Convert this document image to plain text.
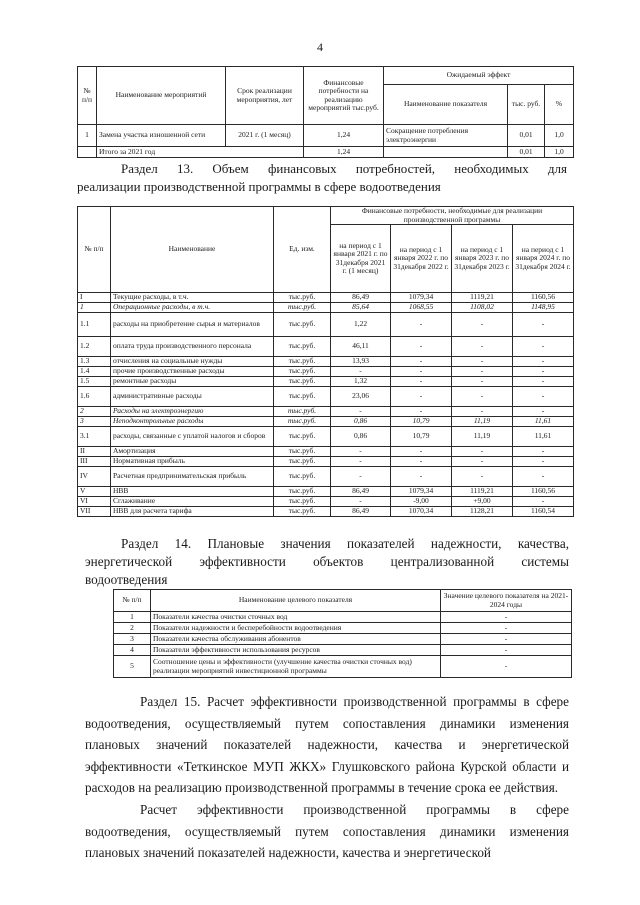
4
№ п/п	Наименование мероприятий	Срок реализации мероприятия, лет	Финансовые потребности на реализацию мероприятий тыс.руб.	Ожидаемый эффект		
				Наименование показателя	тыс. руб.	%
1	Замена участка изношенной сети	2021 г. (1 месяц)	1,24	Сокращение потребления электроэнергии	0,01	1,0
	Итого за 2021 год		1,24		0,01	1,0
Раздел 13. Объем финансовых потребностей, необходимых для
реализации производственной программы в сфере водоотведения
№ п/п	Наименование	Ед. изм.	Финансовые потребности, необходимые для реализации производственной программы			
			на период с 1 января 2021 г. по 31декабря 2021 г. (1 месяц)	на период с 1 января 2022 г. по 31декабря 2022 г.	на период с 1 января 2023 г. по 31декабря 2023 г.	на период с 1 января 2024 г. по 31декабря 2024 г.
I	Текущие расходы, в т.ч.	тыс.руб.	86,49	1079,34	1119,21	1160,56
1	Операционные расходы, в т.ч.	тыс.руб.	85,64	1068,55	1108,02	1148,95
1.1	расходы на приобретение сырья и материалов	тыс.руб.	1,22	-	-	-
1.2	оплата труда производственного персонала	тыс.руб.	46,11	-	-	-
1.3	отчисления на социальные нужды	тыс.руб.	13,93	-	-	-
1.4	прочие производственные расходы	тыс.руб.	-	-	-	-
1.5	ремонтные расходы	тыс.руб.	1,32	-	-	-
1.6	административные расходы	тыс.руб.	23,06	-	-	-
2	Расходы на электроэнергию	тыс.руб.	-	-	-	-
3	Неподконтрольные расходы	тыс.руб.	0,86	10,79	11,19	11,61
3.1	расходы, связанные с уплатой налогов и сборов	тыс.руб.	0,86	10,79	11,19	11,61
II	Амортизация	тыс.руб.	-	-	-	-
III	Нормативная прибыль	тыс.руб.	-	-	-	-
IV	Расчетная предпринимательская прибыль	тыс.руб.	-	-	-	-
V	НВВ	тыс.руб.	86,49	1079,34	1119,21	1160,56
VI	Сглаживание	тыс.руб.	-	-9,00	+9,00	-
VII	НВВ для расчета тарифа	тыс.руб.	86,49	1070,34	1128,21	1160,54
Раздел 14. Плановые значения показателей надежности, качества,
энергетической эффективности объектов централизованной системы
водоотведения
№ п/п	Наименование целевого показателя	Значение целевого показателя на 2021-2024 годы
1	Показатели качества очистки сточных вод	-
2	Показатели надежности и бесперебойности водоотведения	-
3	Показатели качества обслуживания абонентов	-
4	Показатели эффективности использования ресурсов	-
5	Соотношение цены и эффективности (улучшение качества очистки сточных вод) реализации мероприятий инвестиционной программы	-
Раздел 15. Расчет эффективности производственной программы в сфере водоотведения, осуществляемый путем сопоставления динамики изменения плановых значений показателей надежности, качества и энергетической эффективности «Теткинское МУП ЖКХ» Глушковского района Курской области и расходов на реализацию производственной программы в течение срока ее действия.
Расчет эффективности производственной программы в сфере водоотведения, осуществляемый путем сопоставления динамики изменения плановых значений показателей надежности, качества и энергетической
